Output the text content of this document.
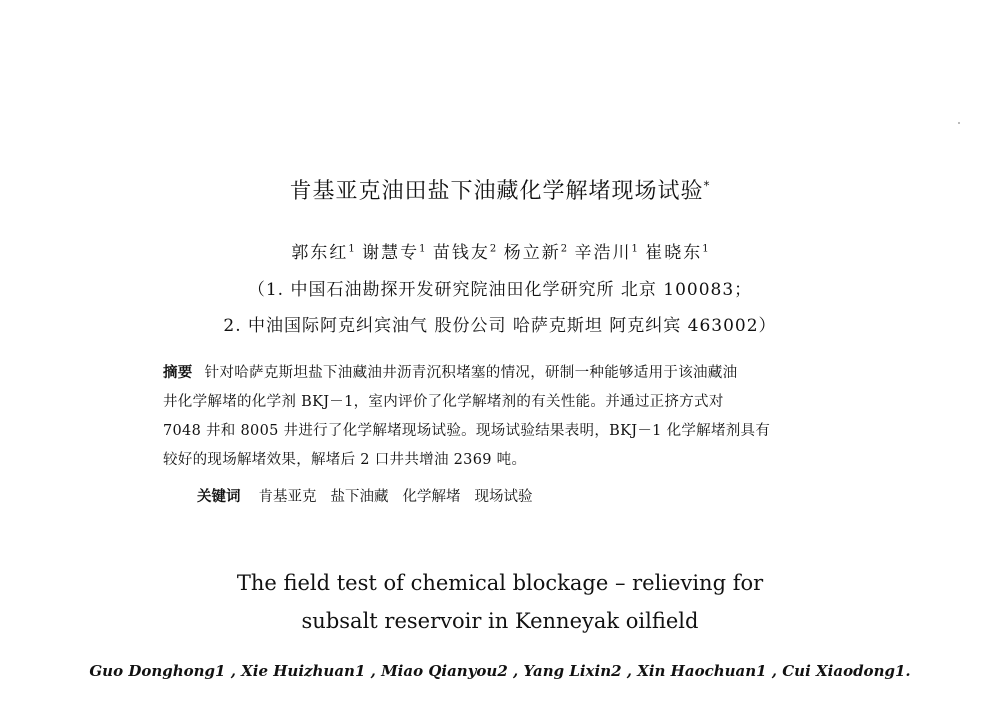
肯基亚克油田盐下油藏化学解堵现场试验*
郭东红$^1$ 谢慧专$^1$ 苗钱友$^2$ 杨立新$^2$ 辛浩川$^1$ 崔晓东$^1$
（1. 中国石油勘探开发研究院油田化学研究所 北京 100083；
2. 中油国际阿克纠宾油气 股份公司 哈萨克斯坦 阿克纠宾 463002）
摘要 针对哈萨克斯坦盐下油藏油井沥青沉积堵塞的情况，研制一种能够适用于该油藏油
井化学解堵的化学剂 BKJ－1，室内评价了化学解堵剂的有关性能。并通过正挤方式对
7048 井和 8005 井进行了化学解堵现场试验。现场试验结果表明，BKJ－1 化学解堵剂具有
较好的现场解堵效果，解堵后 2 口井共增油 2369 吨。
关键词 肯基亚克 盐下油藏 化学解堵 现场试验
The field test of chemical blockage – relieving for
subsalt reservoir in Kenneyak oilfield
Guo Donghong1 , Xie Huizhuan1 , Miao Qianyou2 , Yang Lixin2 , Xin Haochuan1 , Cui Xiaodong1.
